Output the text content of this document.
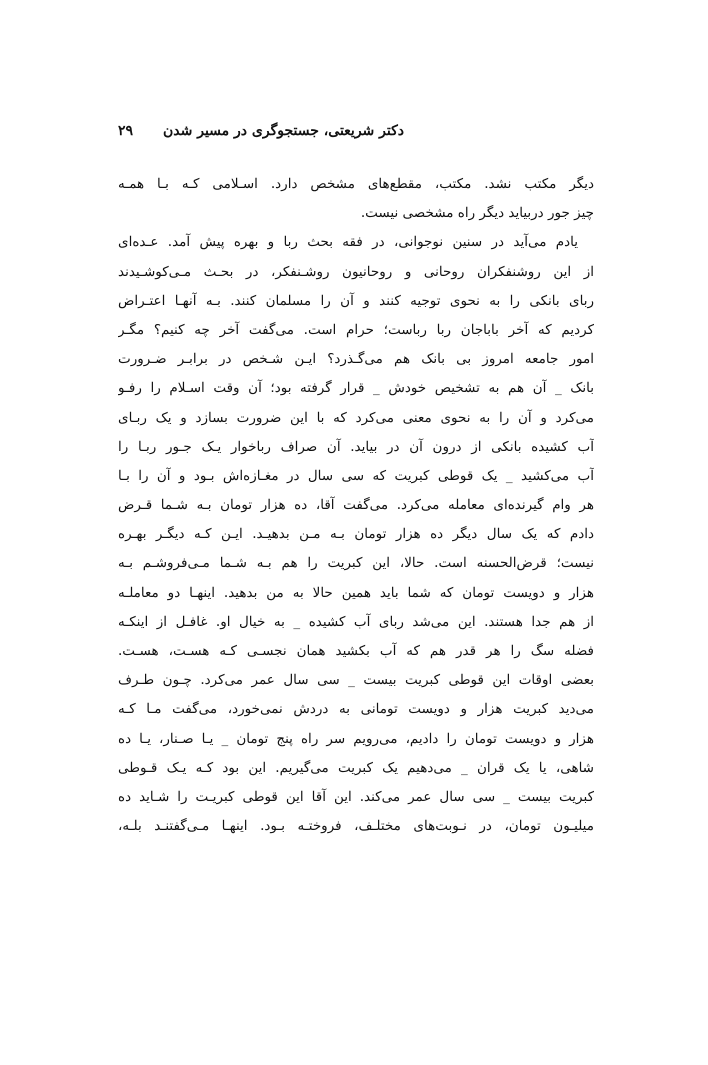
دکتر شریعتی، جستجوگری در مسیر شدن
۲۹
دیگر مکتب نشد. مکتب، مقطع‌های مشخص دارد. اسـلامی کـه بـا همـه
چیز جور دربیاید دیگر راه مشخصی نیست.
یادم می‌آید در سنین نوجوانی، در فقه بحث ربا و بهره پیش آمد. عـده‌ای
از این روشنفکران روحانی و روحانیون روشـنفکر، در بحـث مـی‌کوشـیدند
ربای بانکی را به نحوی توجیه کنند و آن را مسلمان کنند. بـه آنهـا اعتـراض
کردیم که آخر باباجان ربا رباست؛ حرام است. می‌گفت آخر چه کنیم؟ مگـر
امور جامعه امروز بی بانک هم می‌گـذرد؟ ایـن شـخص در برابـر ضـرورت
بانک _ آن هم به تشخیص خودش _ قرار گرفته بود؛ آن وقت اسـلام را رفـو
می‌کرد و آن را به نحوی معنی می‌کرد که با این ضرورت بسازد و یک ربـای
آب کشیده بانکی از درون آن در بیاید. آن صراف رباخوار یـک جـور ربـا را
آب می‌کشید _ یک قوطی کبریت که سی سال در مغـازه‌اش بـود و آن را بـا
هر وام گیرنده‌ای معامله می‌کرد. می‌گفت آقا، ده هزار تومان بـه شـما قـرض
دادم که یک سال دیگر ده هزار تومان بـه مـن بدهیـد. ایـن کـه دیگـر بهـره
نیست؛ قرض‌الحسنه است. حالا، این کبریت را هم بـه شـما مـی‌فروشـم بـه
هزار و دویست تومان که شما باید همین حالا به من بدهید. اینهـا دو معاملـه
از هم جدا هستند. این می‌شد ربای آب کشیده _ به خیال او. غافـل از اینکـه
فضله سگ را هر قدر هم که آب بکشید همان نجسـی کـه هسـت، هسـت.
بعضی اوقات این قوطی کبریت بیست _ سی سال عمر می‌کرد. چـون طـرف
می‌دید کبریت هزار و دویست تومانی به دردش نمی‌خورد، می‌گفت مـا کـه
هزار و دویست تومان را دادیم، می‌رویم سر راه پنج تومان _ یـا صـنار، یـا ده
شاهی، یا یک قران _ می‌دهیم یک کبریت می‌گیریم. این بود کـه یـک قـوطی
کبریت بیست _ سی سال عمر می‌کند. این آقا این قوطی کبریـت را شـاید ده
میلیـون تومان، در نـوبت‌های مختلـف، فروختـه بـود. اینهـا مـی‌گفتنـد بلـه،
